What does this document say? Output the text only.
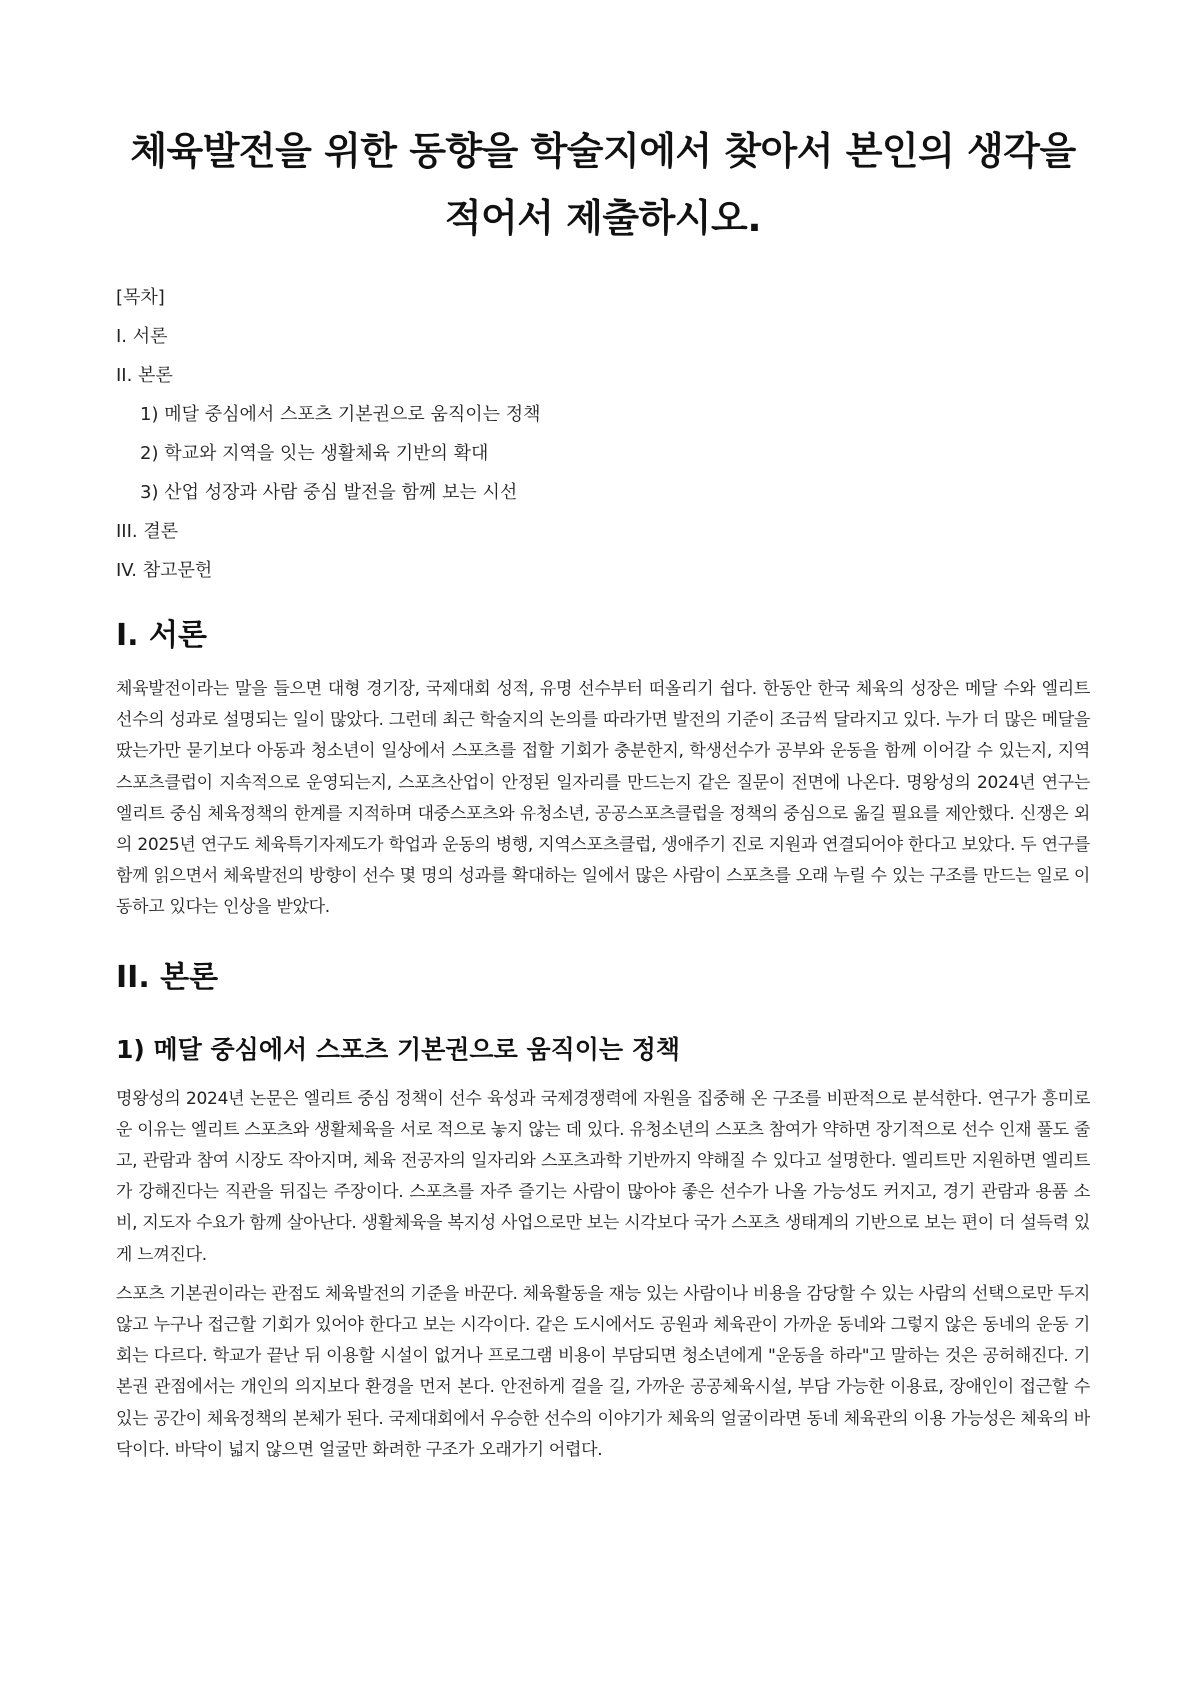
체육발전을 위한 동향을 학술지에서 찾아서 본인의 생각을 적어서 제출하시오.
[목차]
I. 서론
II. 본론
1) 메달 중심에서 스포츠 기본권으로 움직이는 정책
2) 학교와 지역을 잇는 생활체육 기반의 확대
3) 산업 성장과 사람 중심 발전을 함께 보는 시선
III. 결론
IV. 참고문헌
I. 서론

체육발전이라는 말을 들으면 대형 경기장, 국제대회 성적, 유명 선수부터 떠올리기 쉽다. 한동안 한국 체육의 성장은 메달 수와 엘리트 선수의 성과로 설명되는 일이 많았다. 그런데 최근 학술지의 논의를 따라가면 발전의 기준이 조금씩 달라지고 있다. 누가 더 많은 메달을 땄는가만 묻기보다 아동과 청소년이 일상에서 스포츠를 접할 기회가 충분한지, 학생선수가 공부와 운동을 함께 이어갈 수 있는지, 지역 스포츠클럽이 지속적으로 운영되는지, 스포츠산업이 안정된 일자리를 만드는지 같은 질문이 전면에 나온다. 명왕성의 2024년 연구는 엘리트 중심 체육정책의 한계를 지적하며 대중스포츠와 유청소년, 공공스포츠클럽을 정책의 중심으로 옮길 필요를 제안했다. 신쟁은 외의 2025년 연구도 체육특기자제도가 학업과 운동의 병행, 지역스포츠클럽, 생애주기 진로 지원과 연결되어야 한다고 보았다. 두 연구를 함께 읽으면서 체육발전의 방향이 선수 몇 명의 성과를 확대하는 일에서 많은 사람이 스포츠를 오래 누릴 수 있는 구조를 만드는 일로 이동하고 있다는 인상을 받았다.

II. 본론
1) 메달 중심에서 스포츠 기본권으로 움직이는 정책

명왕성의 2024년 논문은 엘리트 중심 정책이 선수 육성과 국제경쟁력에 자원을 집중해 온 구조를 비판적으로 분석한다. 연구가 흥미로운 이유는 엘리트 스포츠와 생활체육을 서로 적으로 놓지 않는 데 있다. 유청소년의 스포츠 참여가 약하면 장기적으로 선수 인재 풀도 줄고, 관람과 참여 시장도 작아지며, 체육 전공자의 일자리와 스포츠과학 기반까지 약해질 수 있다고 설명한다. 엘리트만 지원하면 엘리트가 강해진다는 직관을 뒤집는 주장이다. 스포츠를 자주 즐기는 사람이 많아야 좋은 선수가 나올 가능성도 커지고, 경기 관람과 용품 소비, 지도자 수요가 함께 살아난다. 생활체육을 복지성 사업으로만 보는 시각보다 국가 스포츠 생태계의 기반으로 보는 편이 더 설득력 있게 느껴진다.

스포츠 기본권이라는 관점도 체육발전의 기준을 바꾼다. 체육활동을 재능 있는 사람이나 비용을 감당할 수 있는 사람의 선택으로만 두지 않고 누구나 접근할 기회가 있어야 한다고 보는 시각이다. 같은 도시에서도 공원과 체육관이 가까운 동네와 그렇지 않은 동네의 운동 기회는 다르다. 학교가 끝난 뒤 이용할 시설이 없거나 프로그램 비용이 부담되면 청소년에게 "운동을 하라"고 말하는 것은 공허해진다. 기본권 관점에서는 개인의 의지보다 환경을 먼저 본다. 안전하게 걸을 길, 가까운 공공체육시설, 부담 가능한 이용료, 장애인이 접근할 수 있는 공간이 체육정책의 본체가 된다. 국제대회에서 우승한 선수의 이야기가 체육의 얼굴이라면 동네 체육관의 이용 가능성은 체육의 바닥이다. 바닥이 넓지 않으면 얼굴만 화려한 구조가 오래가기 어렵다.
